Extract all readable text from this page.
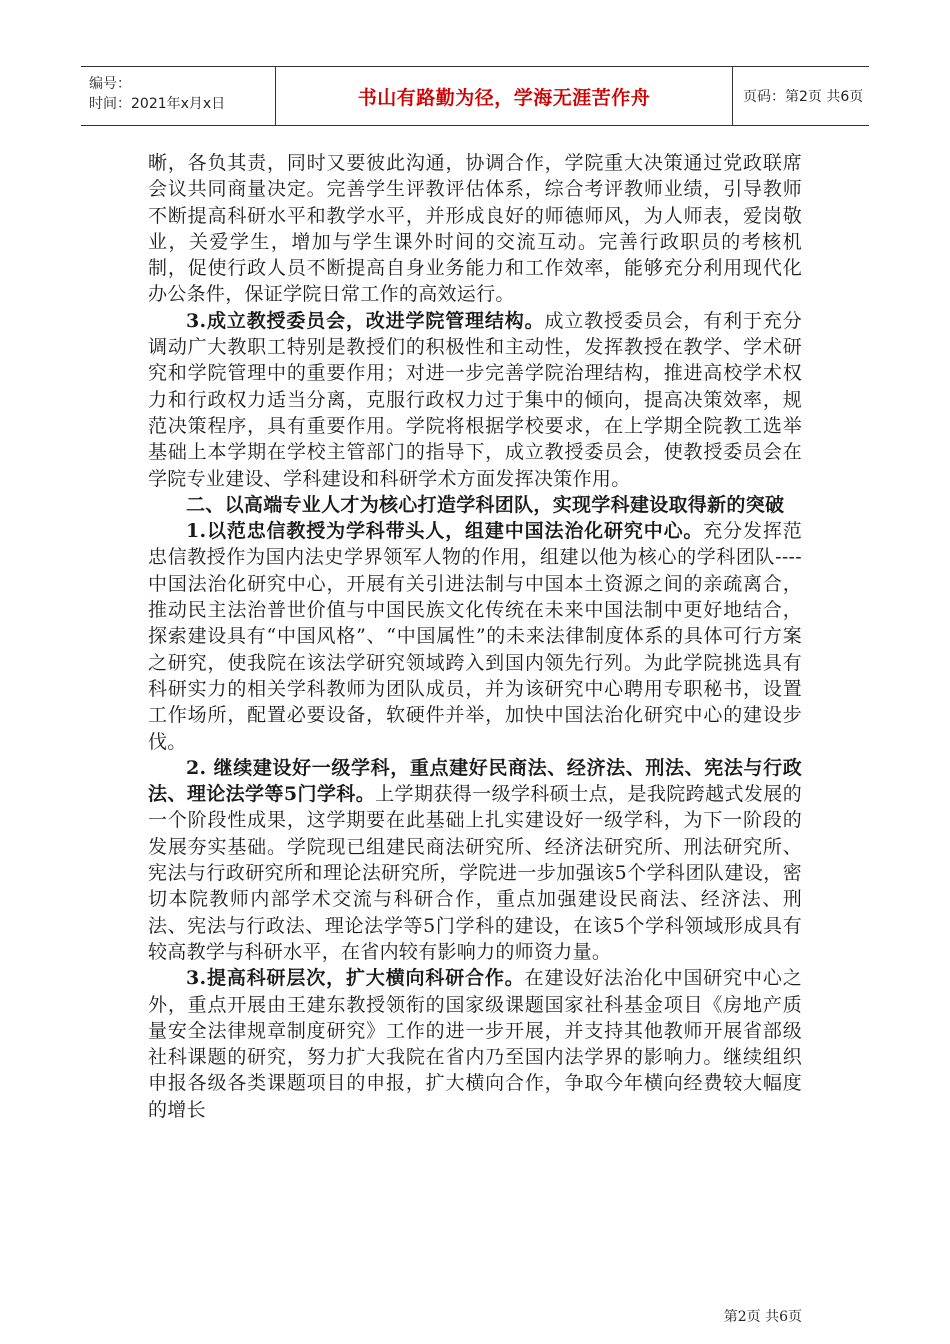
编号：
时间：2021年x月x日	书山有路勤为径，学海无涯苦作舟	页码：第2页 共6页

晰，各负其责，同时又要彼此沟通，协调合作，学院重大决策通过党政联席会议共同商量决定。完善学生评教评估体系，综合考评教师业绩，引导教师不断提高科研水平和教学水平，并形成良好的师德师风，为人师表，爱岗敬业，关爱学生，增加与学生课外时间的交流互动。完善行政职员的考核机制，促使行政人员不断提高自身业务能力和工作效率，能够充分利用现代化办公条件，保证学院日常工作的高效运行。

3.成立教授委员会，改进学院管理结构。成立教授委员会，有利于充分调动广大教职工特别是教授们的积极性和主动性，发挥教授在教学、学术研究和学院管理中的重要作用；对进一步完善学院治理结构，推进高校学术权力和行政权力适当分离，克服行政权力过于集中的倾向，提高决策效率，规范决策程序，具有重要作用。学院将根据学校要求，在上学期全院教工选举基础上本学期在学校主管部门的指导下，成立教授委员会，使教授委员会在学院专业建设、学科建设和科研学术方面发挥决策作用。

二、以高端专业人才为核心打造学科团队，实现学科建设取得新的突破

1.以范忠信教授为学科带头人，组建中国法治化研究中心。充分发挥范忠信教授作为国内法史学界领军人物的作用，组建以他为核心的学科团队----中国法治化研究中心，开展有关引进法制与中国本土资源之间的亲疏离合，推动民主法治普世价值与中国民族文化传统在未来中国法制中更好地结合，探索建设具有“中国风格”、“中国属性”的未来法律制度体系的具体可行方案之研究，使我院在该法学研究领域跨入到国内领先行列。为此学院挑选具有科研实力的相关学科教师为团队成员，并为该研究中心聘用专职秘书，设置工作场所，配置必要设备，软硬件并举，加快中国法治化研究中心的建设步伐。

2. 继续建设好一级学科，重点建好民商法、经济法、刑法、宪法与行政法、理论法学等5门学科。上学期获得一级学科硕士点，是我院跨越式发展的一个阶段性成果，这学期要在此基础上扎实建设好一级学科，为下一阶段的发展夯实基础。学院现已组建民商法研究所、经济法研究所、刑法研究所、宪法与行政研究所和理论法研究所，学院进一步加强该5个学科团队建设，密切本院教师内部学术交流与科研合作，重点加强建设民商法、经济法、刑法、宪法与行政法、理论法学等5门学科的建设，在该5个学科领域形成具有较高教学与科研水平，在省内较有影响力的师资力量。

3.提高科研层次，扩大横向科研合作。在建设好法治化中国研究中心之外，重点开展由王建东教授领衔的国家级课题国家社科基金项目《房地产质量安全法律规章制度研究》工作的进一步开展，并支持其他教师开展省部级社科课题的研究，努力扩大我院在省内乃至国内法学界的影响力。继续组织申报各级各类课题项目的申报，扩大横向合作，争取今年横向经费较大幅度的增长

第2页 共6页
